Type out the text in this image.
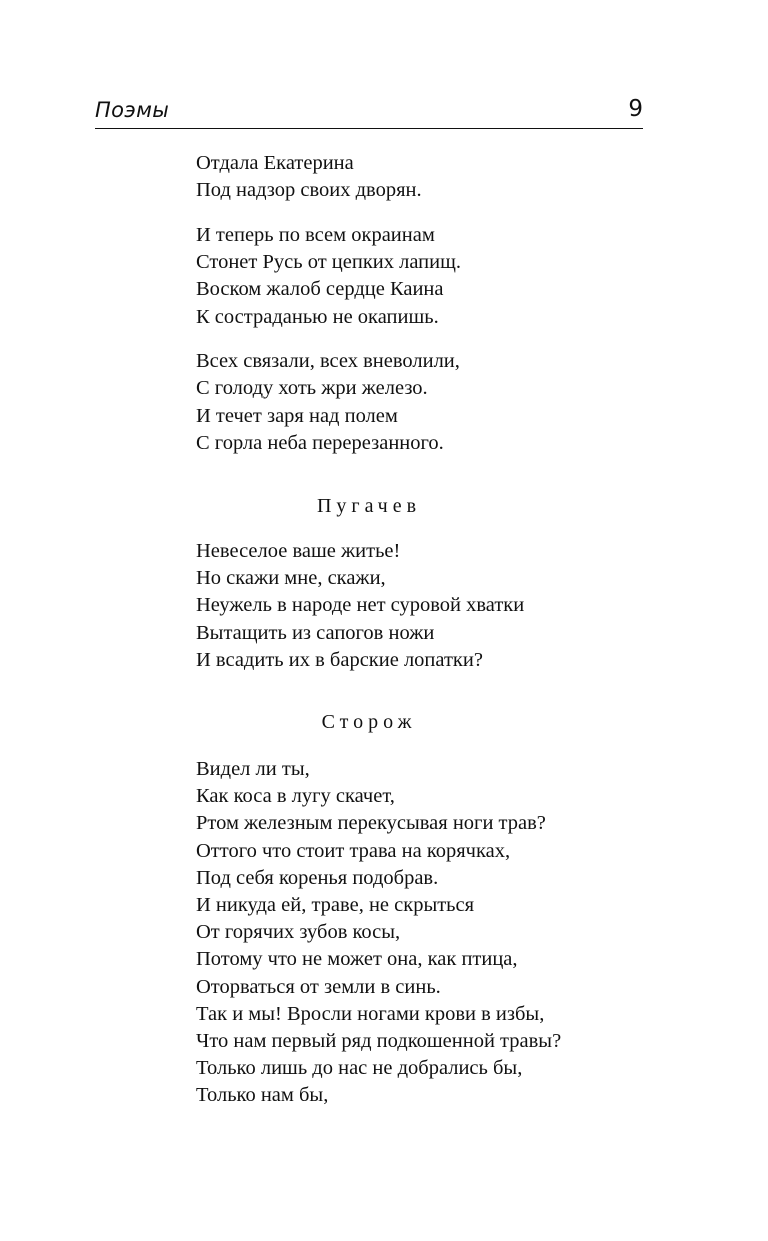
Поэмы	9
Отдала Екатерина
Под надзор своих дворян.
И теперь по всем окраинам
Стонет Русь от цепких лапищ.
Воском жалоб сердце Каина
К состраданью не окапишь.
Всех связали, всех вневолили,
С голоду хоть жри железо.
И течет заря над полем
С горла неба перерезанного.
Пугачев
Невеселое ваше житье!
Но скажи мне, скажи,
Неужель в народе нет суровой хватки
Вытащить из сапогов ножи
И всадить их в барские лопатки?
Сторож
Видел ли ты,
Как коса в лугу скачет,
Ртом железным перекусывая ноги трав?
Оттого что стоит трава на корячках,
Под себя коренья подобрав.
И никуда ей, траве, не скрыться
От горячих зубов косы,
Потому что не может она, как птица,
Оторваться от земли в синь.
Так и мы! Вросли ногами крови в избы,
Что нам первый ряд подкошенной травы?
Только лишь до нас не добрались бы,
Только нам бы,
